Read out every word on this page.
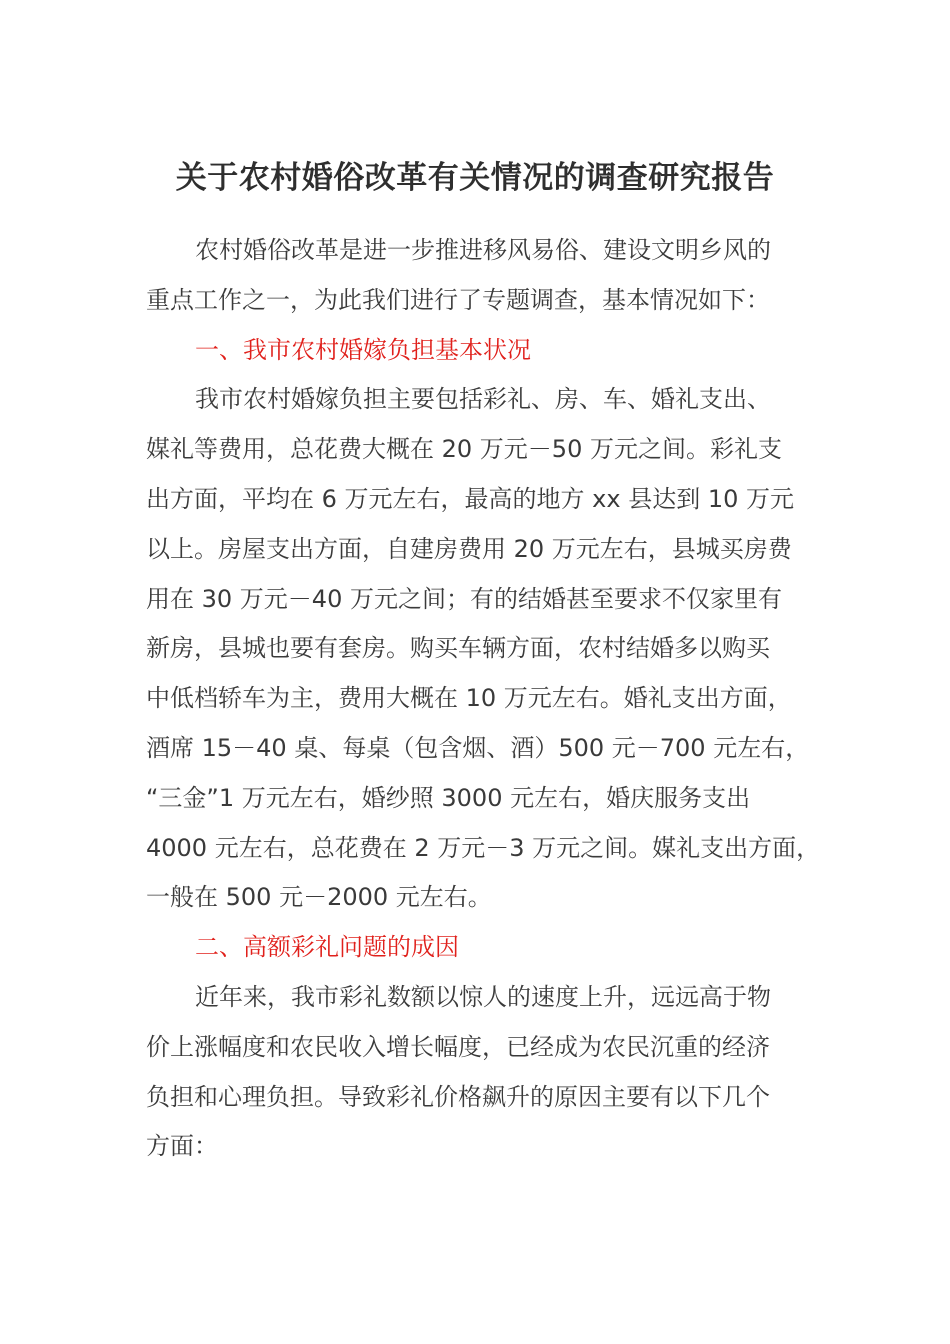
关于农村婚俗改革有关情况的调查研究报告
农村婚俗改革是进一步推进移风易俗、建设文明乡风的
重点工作之一，为此我们进行了专题调查，基本情况如下：
一、我市农村婚嫁负担基本状况
我市农村婚嫁负担主要包括彩礼、房、车、婚礼支出、
媒礼等费用，总花费大概在 20 万元－50 万元之间。彩礼支
出方面，平均在 6 万元左右，最高的地方 xx 县达到 10 万元
以上。房屋支出方面，自建房费用 20 万元左右，县城买房费
用在 30 万元－40 万元之间；有的结婚甚至要求不仅家里有
新房，县城也要有套房。购买车辆方面，农村结婚多以购买
中低档轿车为主，费用大概在 10 万元左右。婚礼支出方面，
酒席 15－40 桌、每桌（包含烟、酒）500 元－700 元左右，
“三金”1 万元左右，婚纱照 3000 元左右，婚庆服务支出
4000 元左右，总花费在 2 万元－3 万元之间。媒礼支出方面，
一般在 500 元－2000 元左右。
二、高额彩礼问题的成因
近年来，我市彩礼数额以惊人的速度上升，远远高于物
价上涨幅度和农民收入增长幅度，已经成为农民沉重的经济
负担和心理负担。导致彩礼价格飙升的原因主要有以下几个
方面：
